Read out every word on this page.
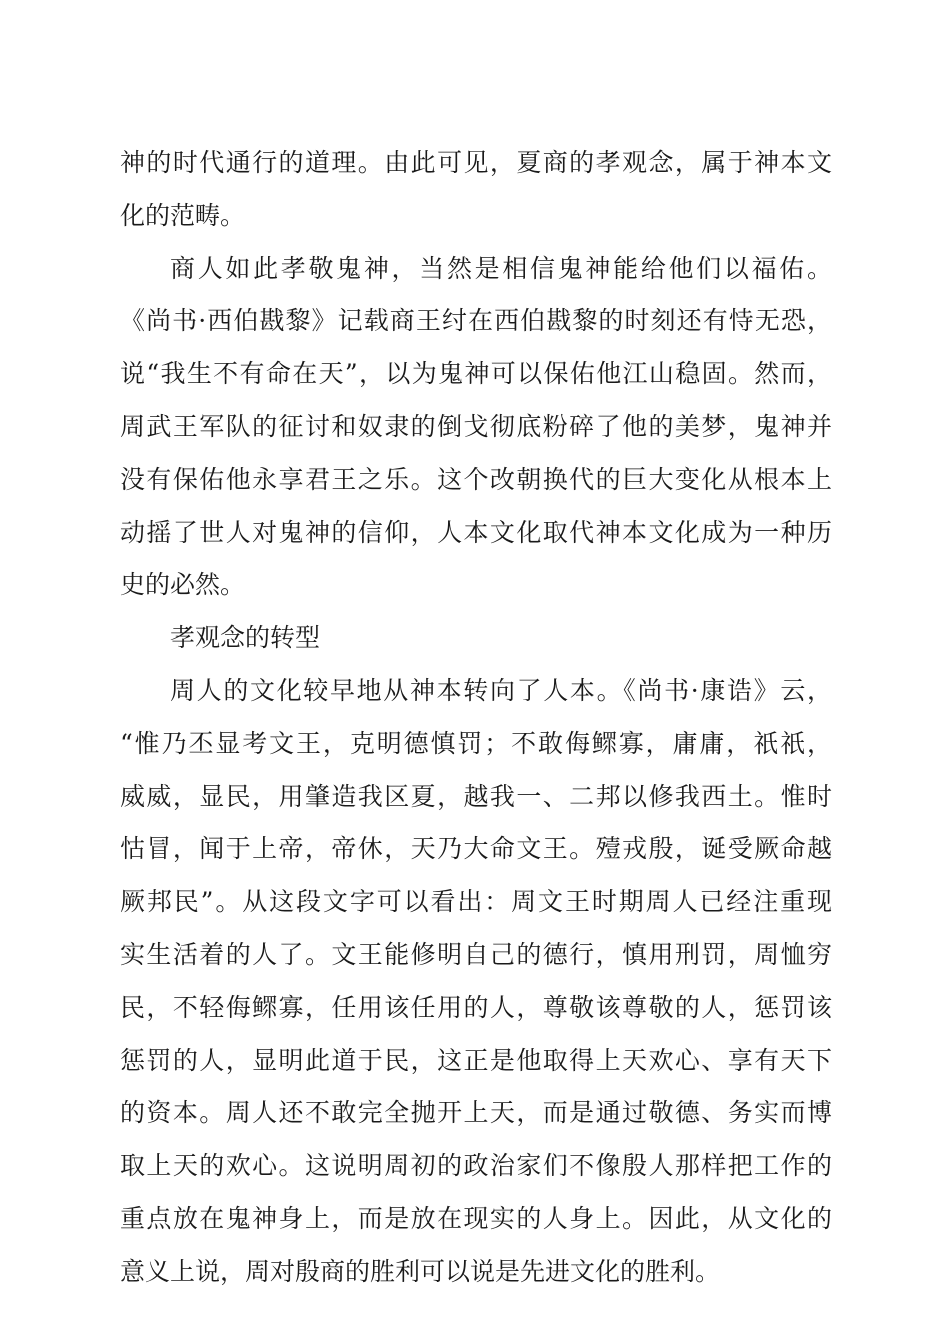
神的时代通行的道理。由此可见，夏商的孝观念，属于神本文
化的范畴。
商人如此孝敬鬼神，当然是相信鬼神能给他们以福佑。
《尚书·西伯戡黎》记载商王纣在西伯戡黎的时刻还有恃无恐，
说“我生不有命在天”，以为鬼神可以保佑他江山稳固。然而，
周武王军队的征讨和奴隶的倒戈彻底粉碎了他的美梦，鬼神并
没有保佑他永享君王之乐。这个改朝换代的巨大变化从根本上
动摇了世人对鬼神的信仰，人本文化取代神本文化成为一种历
史的必然。
孝观念的转型
周人的文化较早地从神本转向了人本。《尚书·康诰》云，
“惟乃丕显考文王，克明德慎罚；不敢侮鳏寡，庸庸，祇祇，
威威，显民，用肇造我区夏，越我一、二邦以修我西土。惟时
怙冒，闻于上帝，帝休，天乃大命文王。殪戎殷，诞受厥命越
厥邦民”。从这段文字可以看出：周文王时期周人已经注重现
实生活着的人了。文王能修明自己的德行，慎用刑罚，周恤穷
民，不轻侮鳏寡，任用该任用的人，尊敬该尊敬的人，惩罚该
惩罚的人，显明此道于民，这正是他取得上天欢心、享有天下
的资本。周人还不敢完全抛开上天，而是通过敬德、务实而博
取上天的欢心。这说明周初的政治家们不像殷人那样把工作的
重点放在鬼神身上，而是放在现实的人身上。因此，从文化的
意义上说，周对殷商的胜利可以说是先进文化的胜利。
